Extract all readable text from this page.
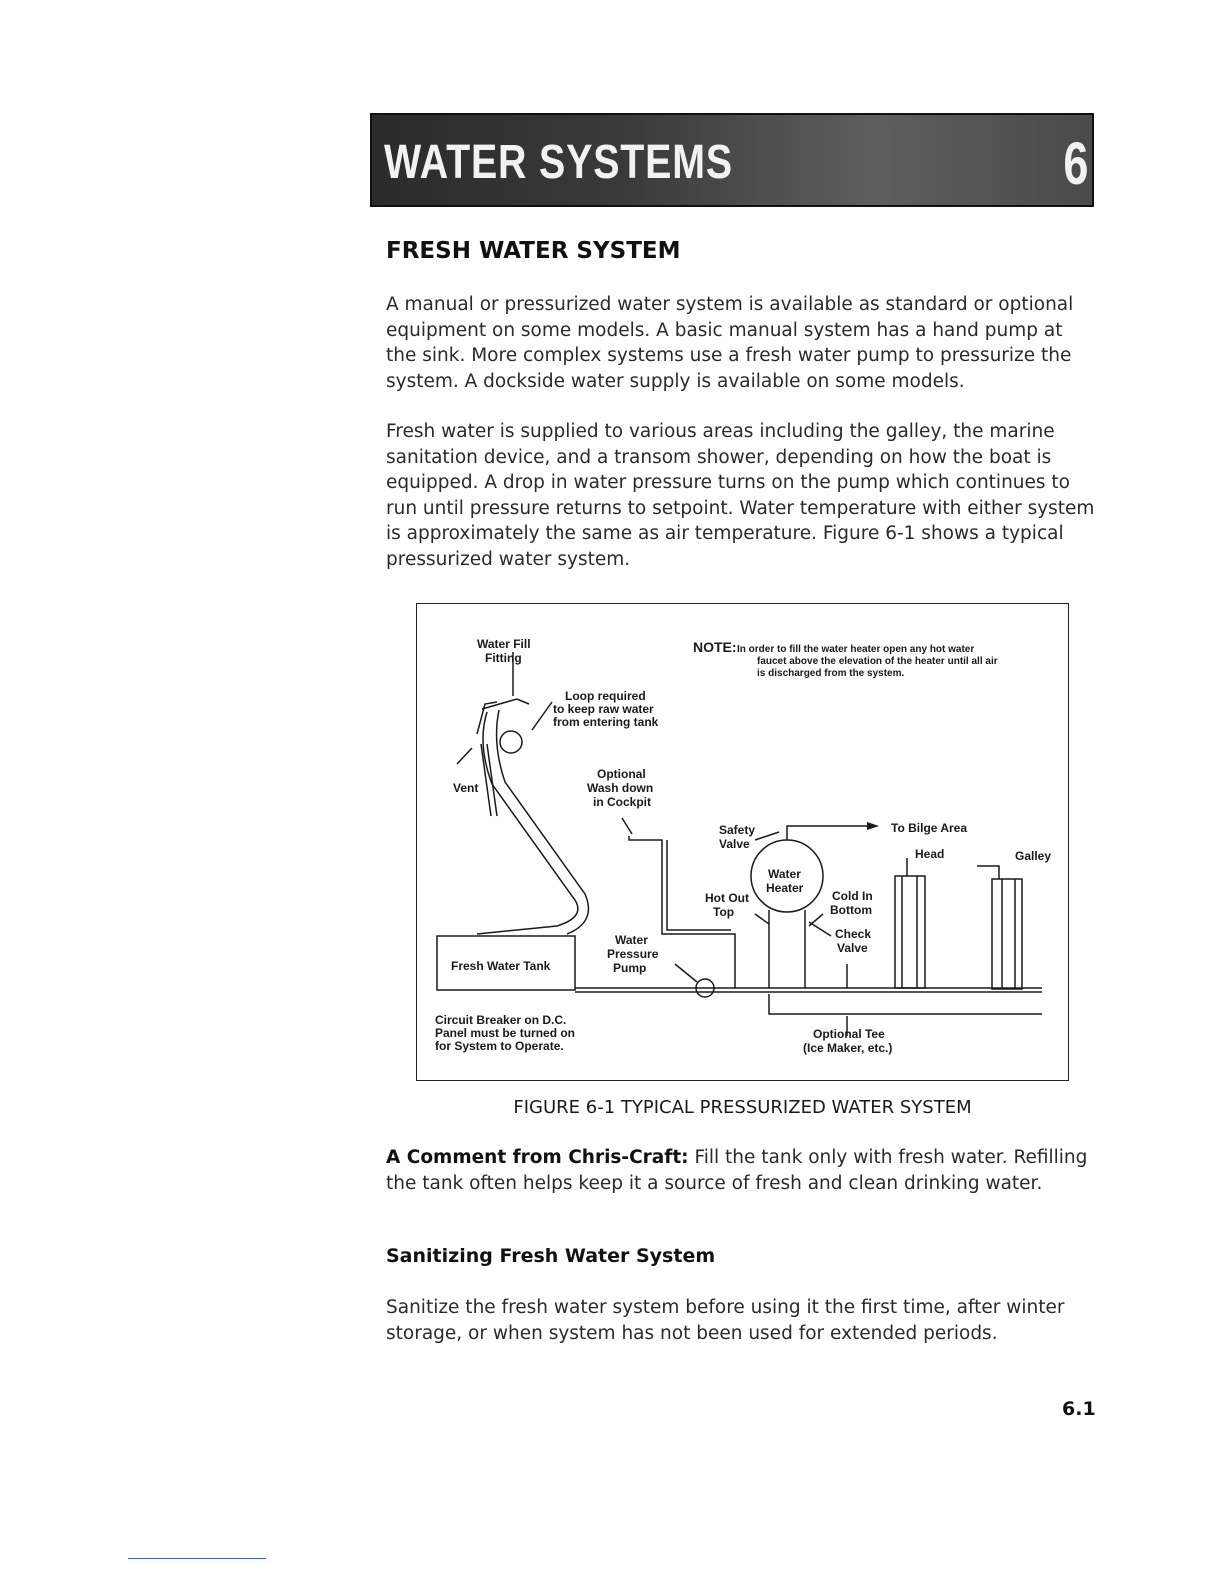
WATER SYSTEMS	6
FRESH WATER SYSTEM
A manual or pressurized water system is available as standard or optional equipment on some models. A basic manual system has a hand pump at the sink. More complex systems use a fresh water pump to pressurize the system. A dockside water supply is available on some models.
Fresh water is supplied to various areas including the galley, the marine sanitation device, and a transom shower, depending on how the boat is equipped. A drop in water pressure turns on the pump which continues to run until pressure returns to setpoint. Water temperature with either system is approximately the same as air temperature. Figure 6-1 shows a typical pressurized water system.
Water Fill
Fitting
Loop required
to keep raw water
from entering tank
Vent
Optional
Wash down
in Cockpit
NOTE: In order to fill the water heater open any hot water
faucet above the elevation of the heater until all air
is discharged from the system.
Safety
Valve
To Bilge Area
Head	Galley
Water
Heater
Hot Out
Top
Cold In
Bottom
Check
Valve
Water
Pressure
Pump
Fresh Water Tank
Circuit Breaker on D.C.
Panel must be turned on
for System to Operate.
Optional Tee
(Ice Maker, etc.)
FIGURE 6-1 TYPICAL PRESSURIZED WATER SYSTEM
A Comment from Chris-Craft: Fill the tank only with fresh water. Refilling the tank often helps keep it a source of fresh and clean drinking water.
Sanitizing Fresh Water System
Sanitize the fresh water system before using it the first time, after winter storage, or when system has not been used for extended periods.
6.1
